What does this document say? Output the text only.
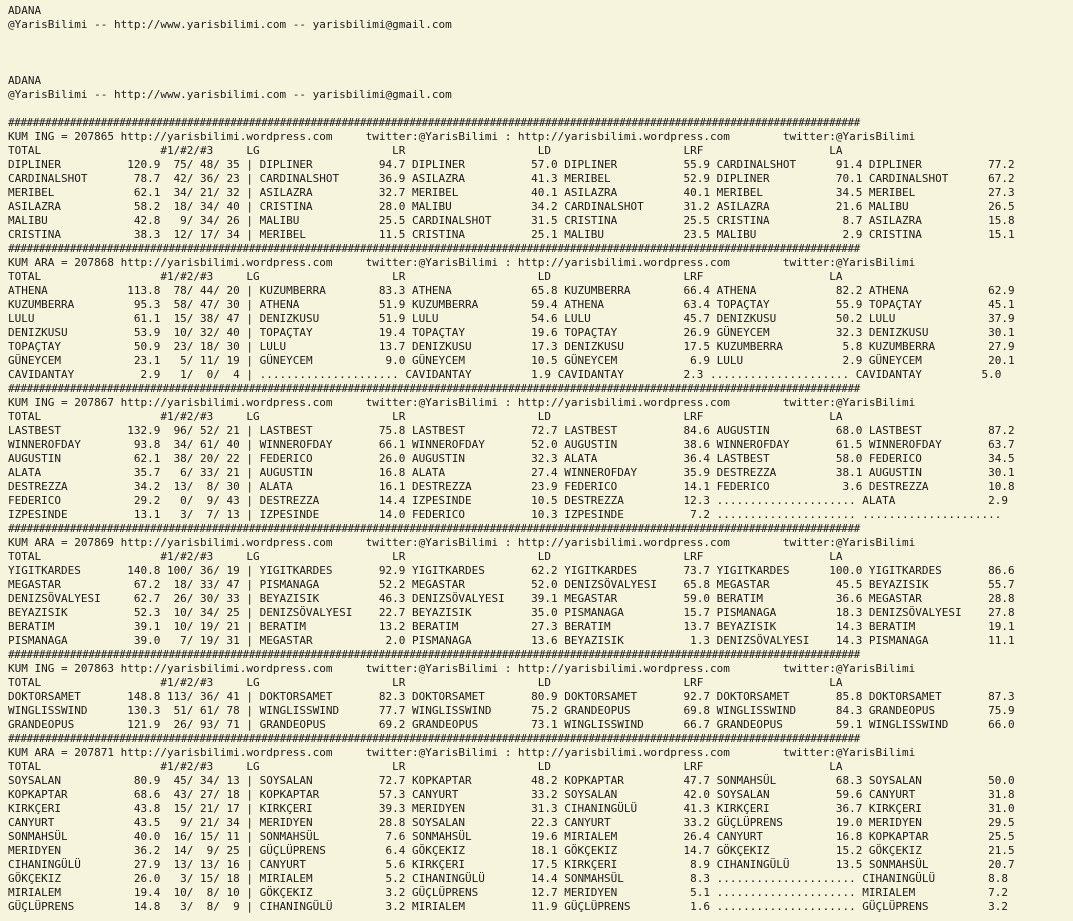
ADANA
@YarisBilimi -- http://www.yarisbilimi.com -- yarisbilimi@gmail.com
ADANA
@YarisBilimi -- http://www.yarisbilimi.com -- yarisbilimi@gmail.com
##########################################################################################################################################
KUM ING = 207865 http://yarisbilimi.wordpress.com     twitter:@YarisBilimi : http://yarisbilimi.wordpress.com        twitter:@YarisBilimi
TOTAL                  #1/#2/#3     LG                    LR                    LD                    LRF                   LA
DIPLINER          120.9  75/ 48/ 35 | DIPLINER          94.7 DIPLINER          57.0 DIPLINER          55.9 CARDINALSHOT      91.4 DIPLINER          77.2
CARDINALSHOT       78.7  42/ 36/ 23 | CARDINALSHOT      36.9 ASILAZRA          41.3 MERIBEL           52.9 DIPLINER          70.1 CARDINALSHOT      67.2
MERIBEL            62.1  34/ 21/ 32 | ASILAZRA          32.7 MERIBEL           40.1 ASILAZRA          40.1 MERIBEL           34.5 MERIBEL           27.3
ASILAZRA           58.2  18/ 34/ 40 | CRISTINA          28.0 MALIBU            34.2 CARDINALSHOT      31.2 ASILAZRA          21.6 MALIBU            26.5
MALIBU             42.8   9/ 34/ 26 | MALIBU            25.5 CARDINALSHOT      31.5 CRISTINA          25.5 CRISTINA           8.7 ASILAZRA          15.8
CRISTINA           38.3  12/ 17/ 34 | MERIBEL           11.5 CRISTINA          25.1 MALIBU            23.5 MALIBU             2.9 CRISTINA          15.1
##########################################################################################################################################
KUM ARA = 207868 http://yarisbilimi.wordpress.com     twitter:@YarisBilimi : http://yarisbilimi.wordpress.com        twitter:@YarisBilimi
TOTAL                  #1/#2/#3     LG                    LR                    LD                    LRF                   LA
ATHENA            113.8  78/ 44/ 20 | KUZUMBERRA        83.3 ATHENA            65.8 KUZUMBERRA        66.4 ATHENA            82.2 ATHENA            62.9
KUZUMBERRA         95.3  58/ 47/ 30 | ATHENA            51.9 KUZUMBERRA        59.4 ATHENA            63.4 TOPAÇTAY          55.9 TOPAÇTAY          45.1
LULU               61.1  15/ 38/ 47 | DENIZKUSU         51.9 LULU              54.6 LULU              45.7 DENIZKUSU         50.2 LULU              37.9
DENIZKUSU          53.9  10/ 32/ 40 | TOPAÇTAY          19.4 TOPAÇTAY          19.6 TOPAÇTAY          26.9 GÜNEYCEM          32.3 DENIZKUSU         30.1
TOPAÇTAY           50.9  23/ 18/ 30 | LULU              13.7 DENIZKUSU         17.3 DENIZKUSU         17.5 KUZUMBERRA         5.8 KUZUMBERRA        27.9
GÜNEYCEM           23.1   5/ 11/ 19 | GÜNEYCEM           9.0 GÜNEYCEM          10.5 GÜNEYCEM           6.9 LULU               2.9 GÜNEYCEM          20.1
CAVIDANTAY          2.9   1/  0/  4 | ..................... CAVIDANTAY         1.9 CAVIDANTAY         2.3 ..................... CAVIDANTAY         5.0
##########################################################################################################################################
KUM ING = 207867 http://yarisbilimi.wordpress.com     twitter:@YarisBilimi : http://yarisbilimi.wordpress.com        twitter:@YarisBilimi
TOTAL                  #1/#2/#3     LG                    LR                    LD                    LRF                   LA
LASTBEST          132.9  96/ 52/ 21 | LASTBEST          75.8 LASTBEST          72.7 LASTBEST          84.6 AUGUSTIN          68.0 LASTBEST          87.2
WINNEROFDAY        93.8  34/ 61/ 40 | WINNEROFDAY       66.1 WINNEROFDAY       52.0 AUGUSTIN          38.6 WINNEROFDAY       61.5 WINNEROFDAY       63.7
AUGUSTIN           62.1  38/ 20/ 22 | FEDERICO          26.0 AUGUSTIN          32.3 ALATA             36.4 LASTBEST          58.0 FEDERICO          34.5
ALATA              35.7   6/ 33/ 21 | AUGUSTIN          16.8 ALATA             27.4 WINNEROFDAY       35.9 DESTREZZA         38.1 AUGUSTIN          30.1
DESTREZZA          34.2  13/  8/ 30 | ALATA             16.1 DESTREZZA         23.9 FEDERICO          14.1 FEDERICO           3.6 DESTREZZA         10.8
FEDERICO           29.2   0/  9/ 43 | DESTREZZA         14.4 IZPESINDE         10.5 DESTREZZA         12.3 ..................... ALATA              2.9
IZPESINDE          13.1   3/  7/ 13 | IZPESINDE         14.0 FEDERICO          10.3 IZPESINDE          7.2 ..................... .....................
##########################################################################################################################################
KUM ARA = 207869 http://yarisbilimi.wordpress.com     twitter:@YarisBilimi : http://yarisbilimi.wordpress.com        twitter:@YarisBilimi
TOTAL                  #1/#2/#3     LG                    LR                    LD                    LRF                   LA
YIGITKARDES       140.8 100/ 36/ 19 | YIGITKARDES       92.9 YIGITKARDES       62.2 YIGITKARDES       73.7 YIGITKARDES      100.0 YIGITKARDES       86.6
MEGASTAR           67.2  18/ 33/ 47 | PISMANAGA         52.2 MEGASTAR          52.0 DENIZSÖVALYESI    65.8 MEGASTAR          45.5 BEYAZISIK         55.7
DENIZSÖVALYESI     62.7  26/ 30/ 33 | BEYAZISIK         46.3 DENIZSÖVALYESI    39.1 MEGASTAR          59.0 BERATIM           36.6 MEGASTAR          28.8
BEYAZISIK          52.3  10/ 34/ 25 | DENIZSÖVALYESI    22.7 BEYAZISIK         35.0 PISMANAGA         15.7 PISMANAGA         18.3 DENIZSÖVALYESI    27.8
BERATIM            39.1  10/ 19/ 21 | BERATIM           13.2 BERATIM           27.3 BERATIM           13.7 BEYAZISIK         14.3 BERATIM           19.1
PISMANAGA          39.0   7/ 19/ 31 | MEGASTAR           2.0 PISMANAGA         13.6 BEYAZISIK          1.3 DENIZSÖVALYESI    14.3 PISMANAGA         11.1
##########################################################################################################################################
KUM ING = 207863 http://yarisbilimi.wordpress.com     twitter:@YarisBilimi : http://yarisbilimi.wordpress.com        twitter:@YarisBilimi
TOTAL                  #1/#2/#3     LG                    LR                    LD                    LRF                   LA
DOKTORSAMET       148.8 113/ 36/ 41 | DOKTORSAMET       82.3 DOKTORSAMET       80.9 DOKTORSAMET       92.7 DOKTORSAMET       85.8 DOKTORSAMET       87.3
WINGLISSWIND      130.3  51/ 61/ 78 | WINGLISSWIND      77.7 WINGLISSWIND      75.2 GRANDEOPUS        69.8 WINGLISSWIND      84.3 GRANDEOPUS        75.9
GRANDEOPUS        121.9  26/ 93/ 71 | GRANDEOPUS        69.2 GRANDEOPUS        73.1 WINGLISSWIND      66.7 GRANDEOPUS        59.1 WINGLISSWIND      66.0
##########################################################################################################################################
KUM ARA = 207871 http://yarisbilimi.wordpress.com     twitter:@YarisBilimi : http://yarisbilimi.wordpress.com        twitter:@YarisBilimi
TOTAL                  #1/#2/#3     LG                    LR                    LD                    LRF                   LA
SOYSALAN           80.9  45/ 34/ 13 | SOYSALAN          72.7 KOPKAPTAR         48.2 KOPKAPTAR         47.7 SONMAHSÜL         68.3 SOYSALAN          50.0
KOPKAPTAR          68.6  43/ 27/ 18 | KOPKAPTAR         57.3 CANYURT           33.2 SOYSALAN          42.0 SOYSALAN          59.6 CANYURT           31.8
KIRKÇERI           43.8  15/ 21/ 17 | KIRKÇERI          39.3 MERIDYEN          31.3 CIHANINGÜLÜ       41.3 KIRKÇERI          36.7 KIRKÇERI          31.0
CANYURT            43.5   9/ 21/ 34 | MERIDYEN          28.8 SOYSALAN          22.3 CANYURT           33.2 GÜÇLÜPRENS        19.0 MERIDYEN          29.5
SONMAHSÜL          40.0  16/ 15/ 11 | SONMAHSÜL          7.6 SONMAHSÜL         19.6 MIRIALEM          26.4 CANYURT           16.8 KOPKAPTAR         25.5
MERIDYEN           36.2  14/  9/ 25 | GÜÇLÜPRENS         6.4 GÖKÇEKIZ          18.1 GÖKÇEKIZ          14.7 GÖKÇEKIZ          15.2 GÖKÇEKIZ          21.5
CIHANINGÜLÜ        27.9  13/ 13/ 16 | CANYURT            5.6 KIRKÇERI          17.5 KIRKÇERI           8.9 CIHANINGÜLÜ       13.5 SONMAHSÜL         20.7
GÖKÇEKIZ           26.0   3/ 15/ 18 | MIRIALEM           5.2 CIHANINGÜLÜ       14.4 SONMAHSÜL          8.3 ..................... CIHANINGÜLÜ        8.8
MIRIALEM           19.4  10/  8/ 10 | GÖKÇEKIZ           3.2 GÜÇLÜPRENS        12.7 MERIDYEN           5.1 ..................... MIRIALEM           7.2
GÜÇLÜPRENS         14.8   3/  8/  9 | CIHANINGÜLÜ        3.2 MIRIALEM          11.9 GÜÇLÜPRENS         1.6 ..................... GÜÇLÜPRENS         3.2
